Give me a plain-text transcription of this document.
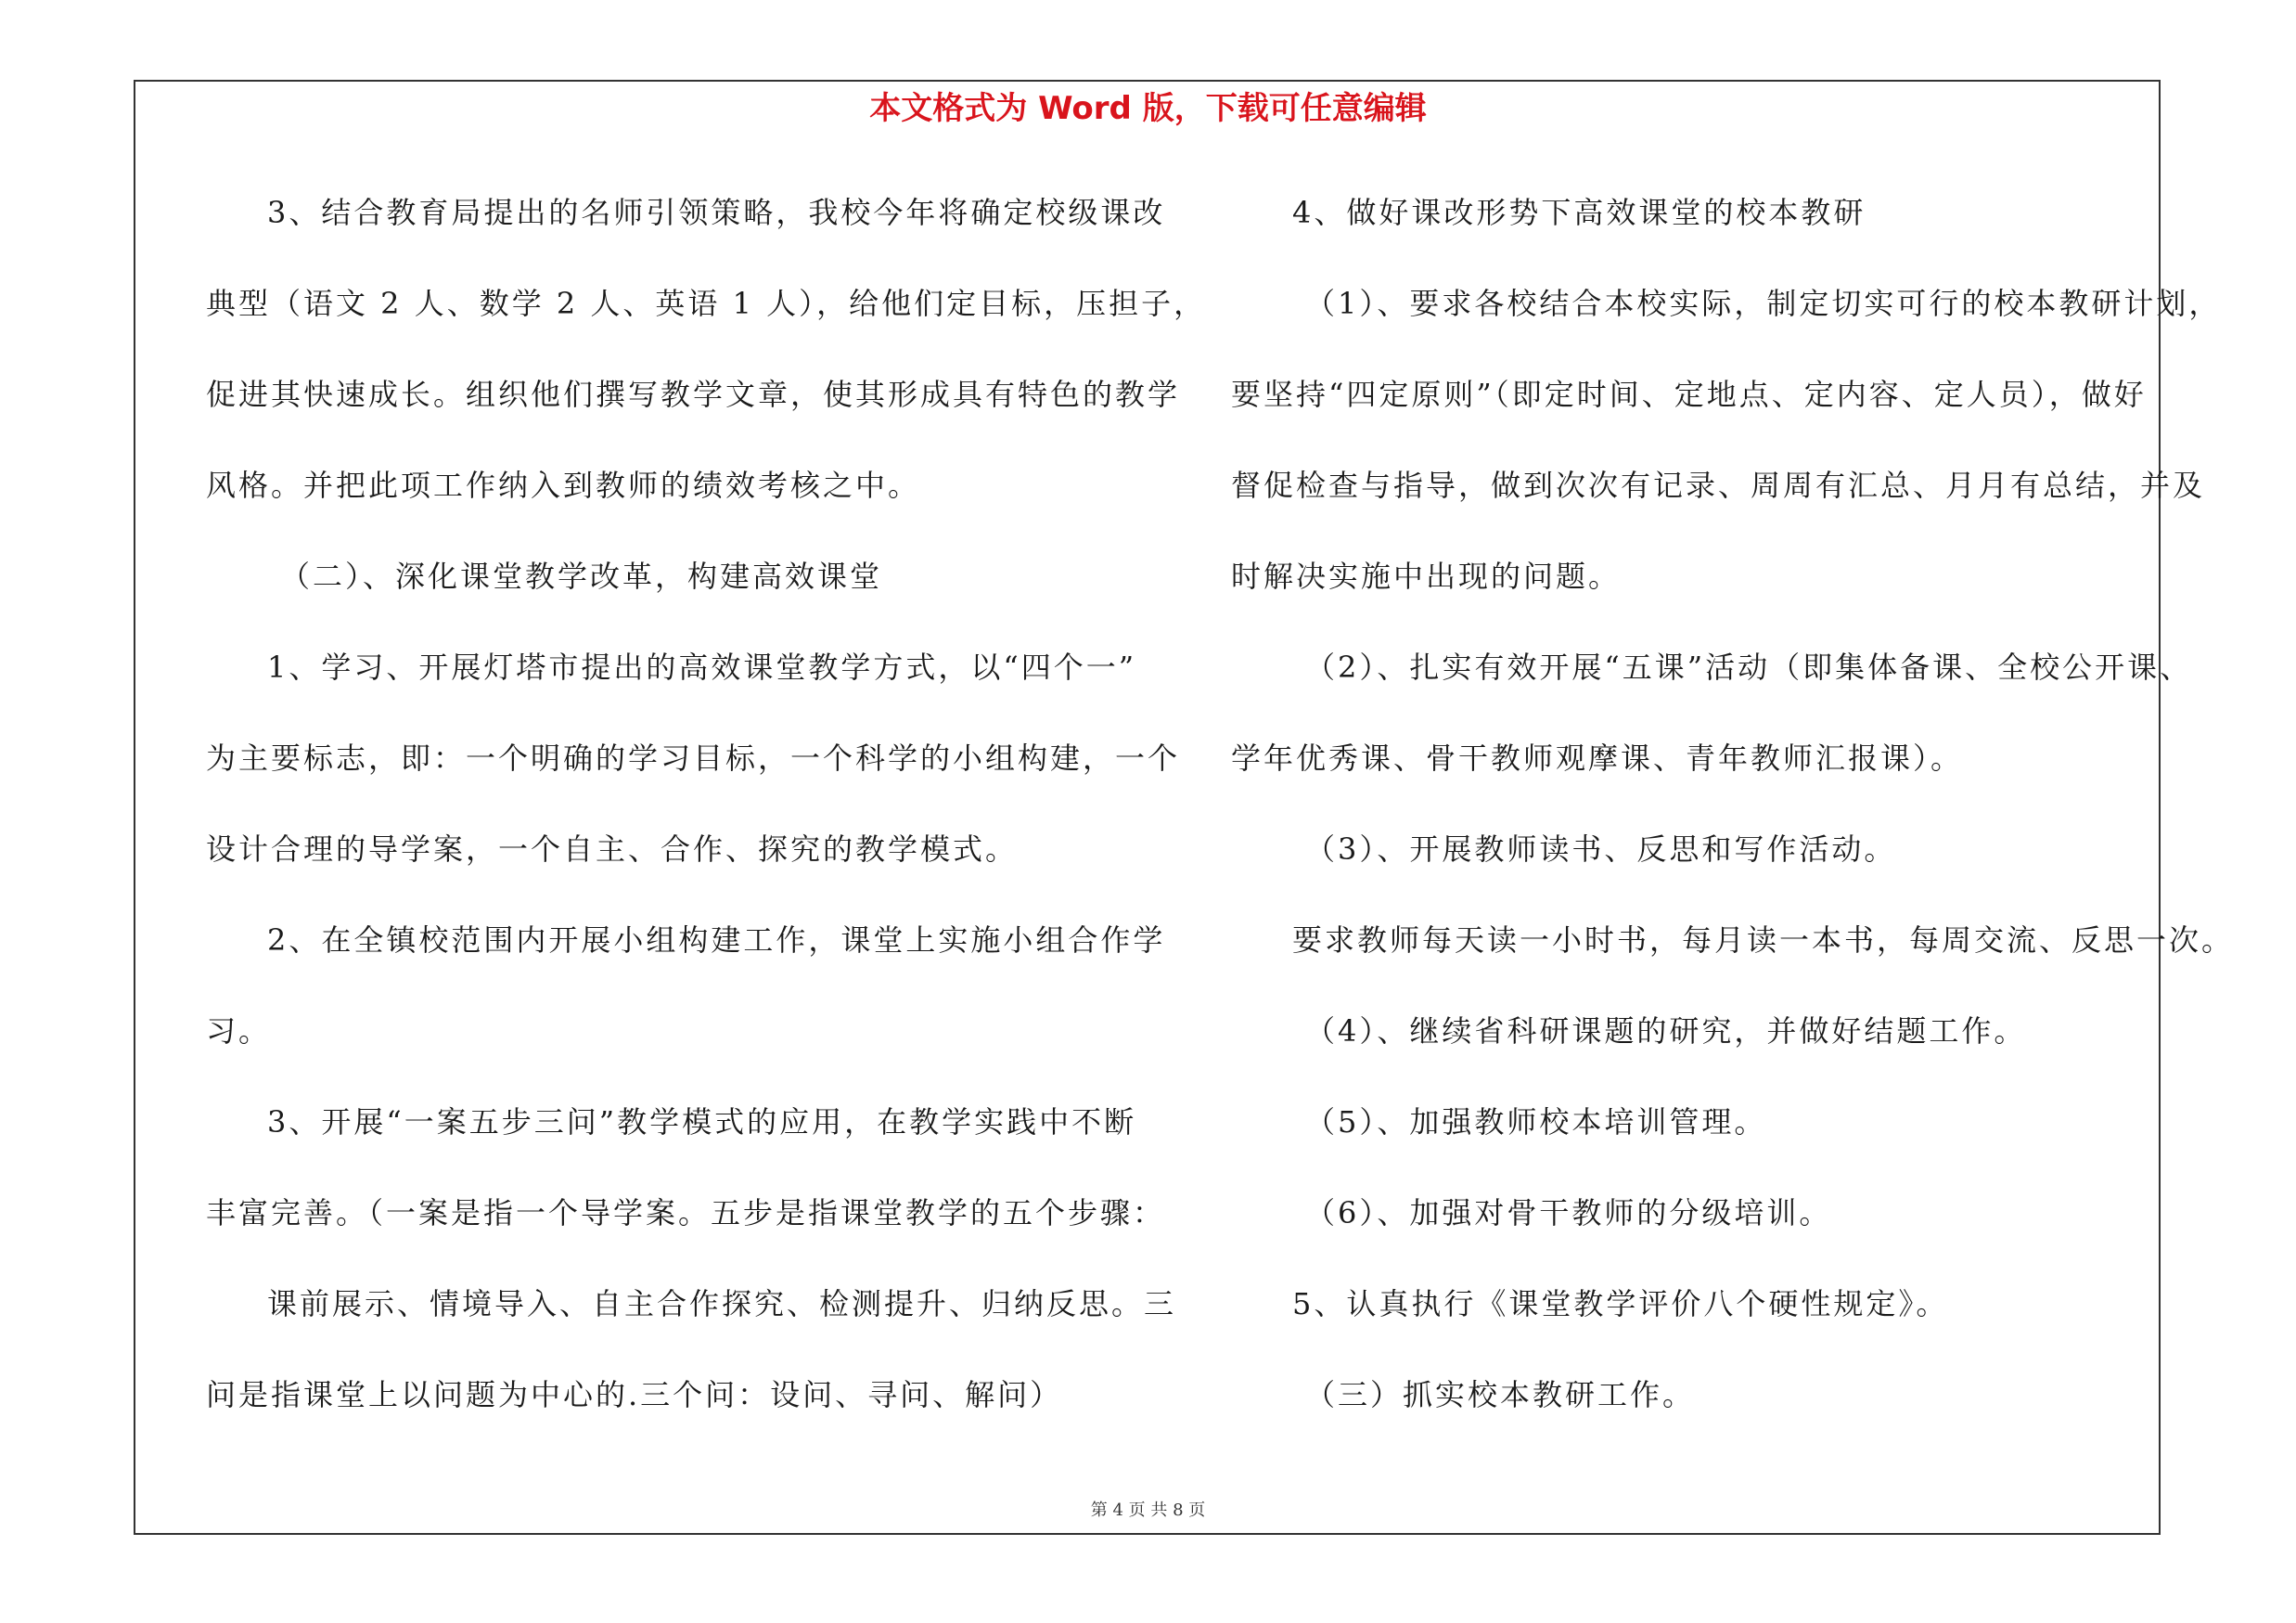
本文格式为 Word 版，下载可任意编辑
3、结合教育局提出的名师引领策略，我校今年将确定校级课改
典型（语文 2 人、数学 2 人、英语 1 人），给他们定目标，压担子，
促进其快速成长。组织他们撰写教学文章，使其形成具有特色的教学
风格。并把此项工作纳入到教师的绩效考核之中。
（二）、深化课堂教学改革，构建高效课堂
1、学习、开展灯塔市提出的高效课堂教学方式，以“四个一”
为主要标志，即：一个明确的学习目标，一个科学的小组构建，一个
设计合理的导学案，一个自主、合作、探究的教学模式。
2、在全镇校范围内开展小组构建工作，课堂上实施小组合作学
习。
3、开展“一案五步三问”教学模式的应用，在教学实践中不断
丰富完善。（一案是指一个导学案。五步是指课堂教学的五个步骤：
课前展示、情境导入、自主合作探究、检测提升、归纳反思。三
问是指课堂上以问题为中心的.三个问：设问、寻问、解问）
4、做好课改形势下高效课堂的校本教研
（1）、要求各校结合本校实际，制定切实可行的校本教研计划，
要坚持“四定原则”（即定时间、定地点、定内容、定人员），做好
督促检查与指导，做到次次有记录、周周有汇总、月月有总结，并及
时解决实施中出现的问题。
（2）、扎实有效开展“五课”活动（即集体备课、全校公开课、
学年优秀课、骨干教师观摩课、青年教师汇报课）。
（3）、开展教师读书、反思和写作活动。
要求教师每天读一小时书，每月读一本书，每周交流、反思一次。
（4）、继续省科研课题的研究，并做好结题工作。
（5）、加强教师校本培训管理。
（6）、加强对骨干教师的分级培训。
5、认真执行《课堂教学评价八个硬性规定》。
（三）抓实校本教研工作。
第 4 页 共 8 页
